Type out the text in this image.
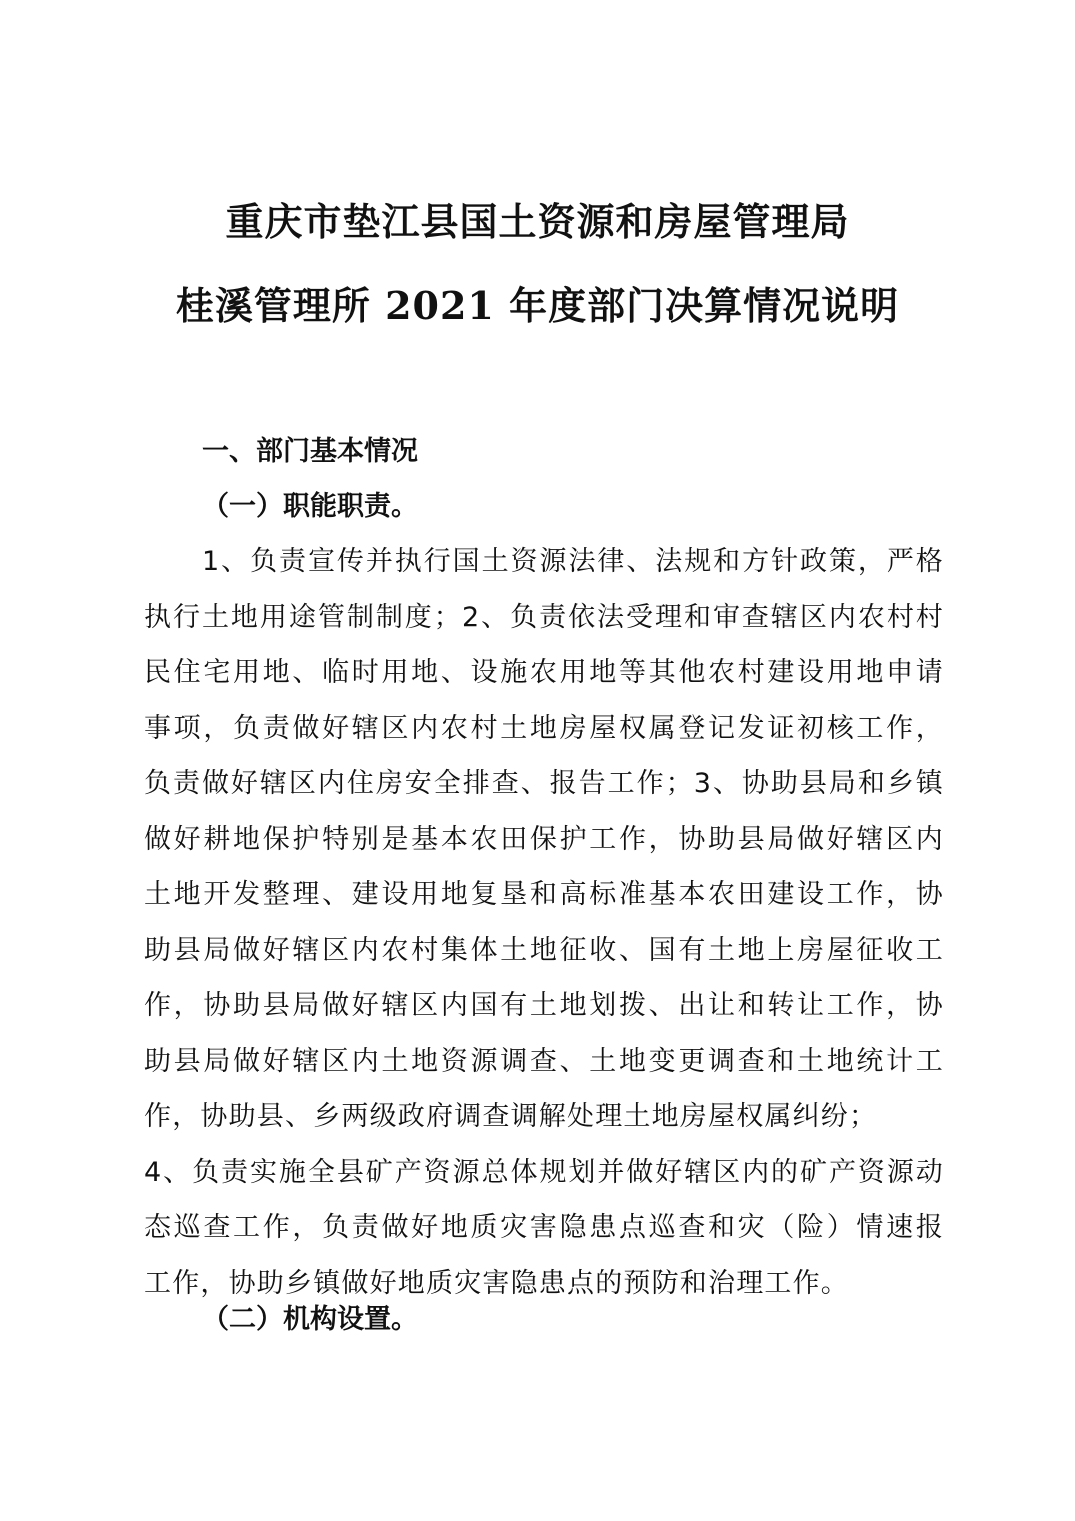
重庆市垫江县国土资源和房屋管理局
桂溪管理所 2021 年度部门决算情况说明
一、部门基本情况
（一）职能职责。
1、负责宣传并执行国土资源法律、法规和方针政策，严格
执行土地用途管制制度；2、负责依法受理和审查辖区内农村村
民住宅用地、临时用地、设施农用地等其他农村建设用地申请
事项，负责做好辖区内农村土地房屋权属登记发证初核工作，
负责做好辖区内住房安全排查、报告工作；3、协助县局和乡镇
做好耕地保护特别是基本农田保护工作，协助县局做好辖区内
土地开发整理、建设用地复垦和高标准基本农田建设工作，协
助县局做好辖区内农村集体土地征收、国有土地上房屋征收工
作，协助县局做好辖区内国有土地划拨、出让和转让工作，协
助县局做好辖区内土地资源调查、土地变更调查和土地统计工
作，协助县、乡两级政府调查调解处理土地房屋权属纠纷；
4、负责实施全县矿产资源总体规划并做好辖区内的矿产资源动
态巡查工作，负责做好地质灾害隐患点巡查和灾（险）情速报
工作，协助乡镇做好地质灾害隐患点的预防和治理工作。
（二）机构设置。
